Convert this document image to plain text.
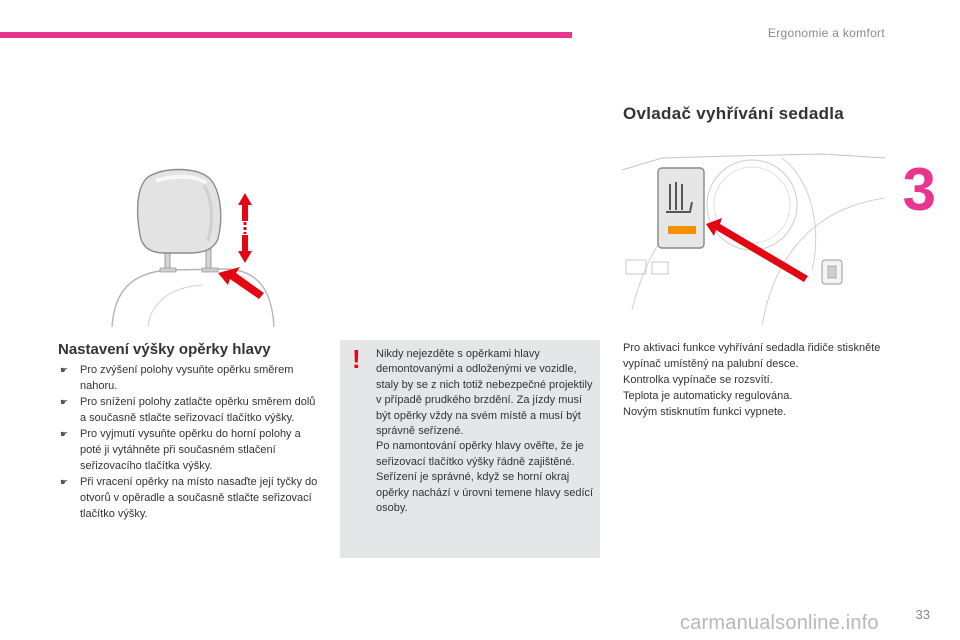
Ergonomie a komfort
3
Nastavení výšky opěrky hlavy
☛ Pro zvýšení polohy vysuňte opěrku směrem nahoru.
☛ Pro snížení polohy zatlačte opěrku směrem dolů a současně stlačte seřizovací tlačítko výšky.
☛ Pro vyjmutí vysuňte opěrku do horní polohy a poté ji vytáhněte při současném stlačení seřizovacího tlačítka výšky.
☛ Při vracení opěrky na místo nasaďte její tyčky do otvorů v opěradle a současně stlačte seřizovací tlačítko výšky.
! Nikdy nejezděte s opěrkami hlavy demontovanými a odloženými ve vozidle, staly by se z nich totiž nebezpečné projektily v případě prudkého brzdění. Za jízdy musí být opěrky vždy na svém místě a musí být správně seřízené.
Po namontování opěrky hlavy ověřte, že je seřizovací tlačítko výšky řádně zajištěné.
Seřízení je správné, když se horní okraj opěrky nachází v úrovni temene hlavy sedící osoby.

Ovladač vyhřívání sedadla
Pro aktivaci funkce vyhřívání sedadla řidiče stiskněte vypínač umístěný na palubní desce.
Kontrolka vypínače se rozsvítí.
Teplota je automaticky regulována.
Novým stisknutím funkci vypnete.
33
carmanualsonline.info
